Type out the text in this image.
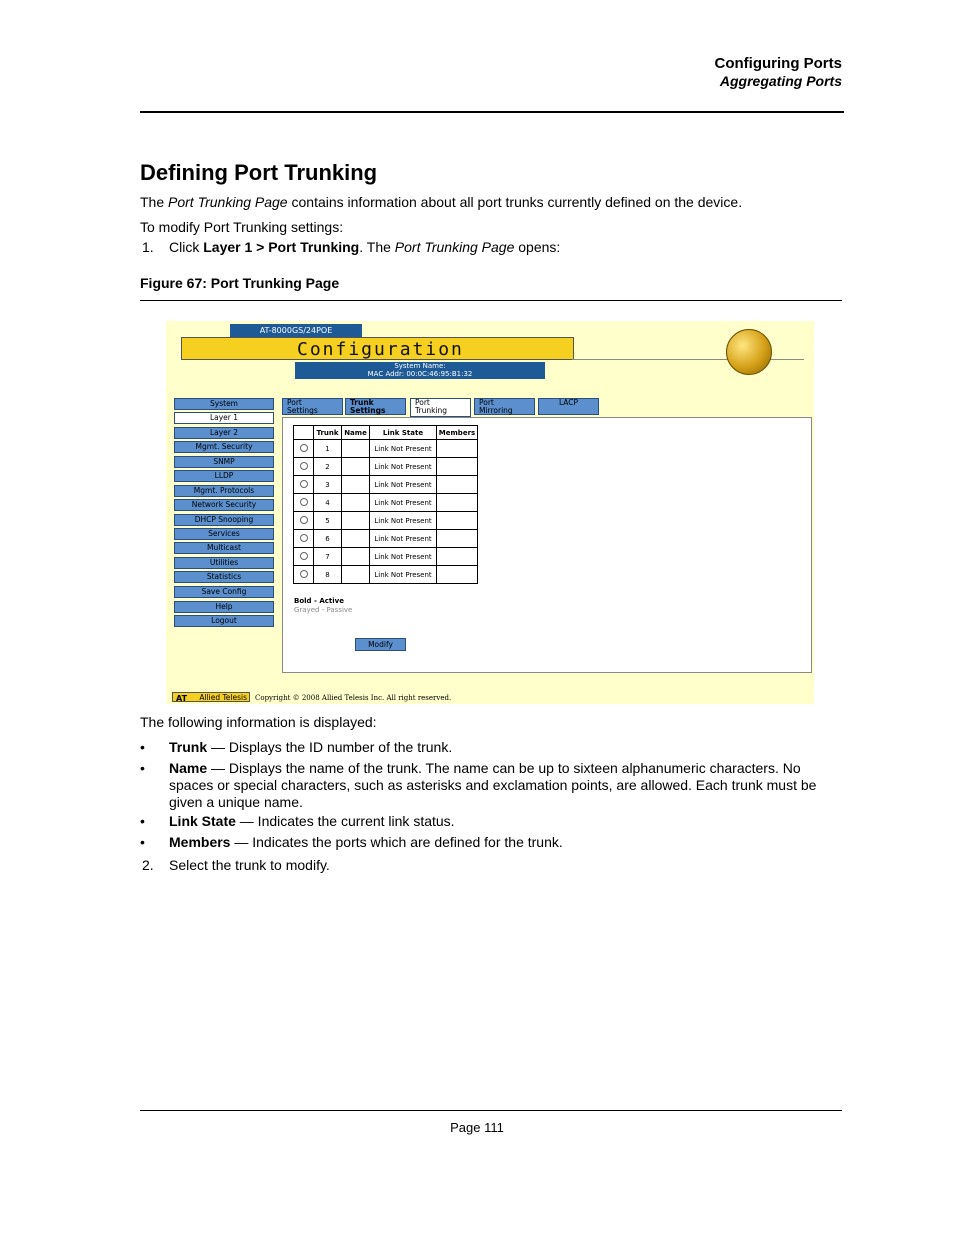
Configuring Ports
Aggregating Ports
Defining Port Trunking
The Port Trunking Page contains information about all port trunks currently defined on the device.
To modify Port Trunking settings:
1. Click Layer 1 > Port Trunking. The Port Trunking Page opens:
Figure 67: Port Trunking Page
AT-8000GS/24POE
Configuration
System Name:
MAC Addr: 00:0C:46:95:B1:32
System
Layer 1
Layer 2
Mgmt. Security
SNMP
LLDP
Mgmt. Protocols
Network Security
DHCP Snooping
Services
Multicast
Utilities
Statistics
Save Config
Help
Logout
Port
Settings
Trunk
Settings
Port
Trunking
Port
Mirroring
LACP
	Trunk	Name	Link State	Members
	1		Link Not Present	
	2		Link Not Present	
	3		Link Not Present	
	4		Link Not Present	
	5		Link Not Present	
	6		Link Not Present	
	7		Link Not Present	
	8		Link Not Present	
Bold - Active
Grayed - Passive
Modify
AT Allied Telesis	Copyright © 2008 Allied Telesis Inc. All right reserved.
The following information is displayed:
• Trunk — Displays the ID number of the trunk.
• Name — Displays the name of the trunk. The name can be up to sixteen alphanumeric characters. No spaces or special characters, such as asterisks and exclamation points, are allowed. Each trunk must be given a unique name.
• Link State — Indicates the current link status.
• Members — Indicates the ports which are defined for the trunk.
2. Select the trunk to modify.
Page 111
